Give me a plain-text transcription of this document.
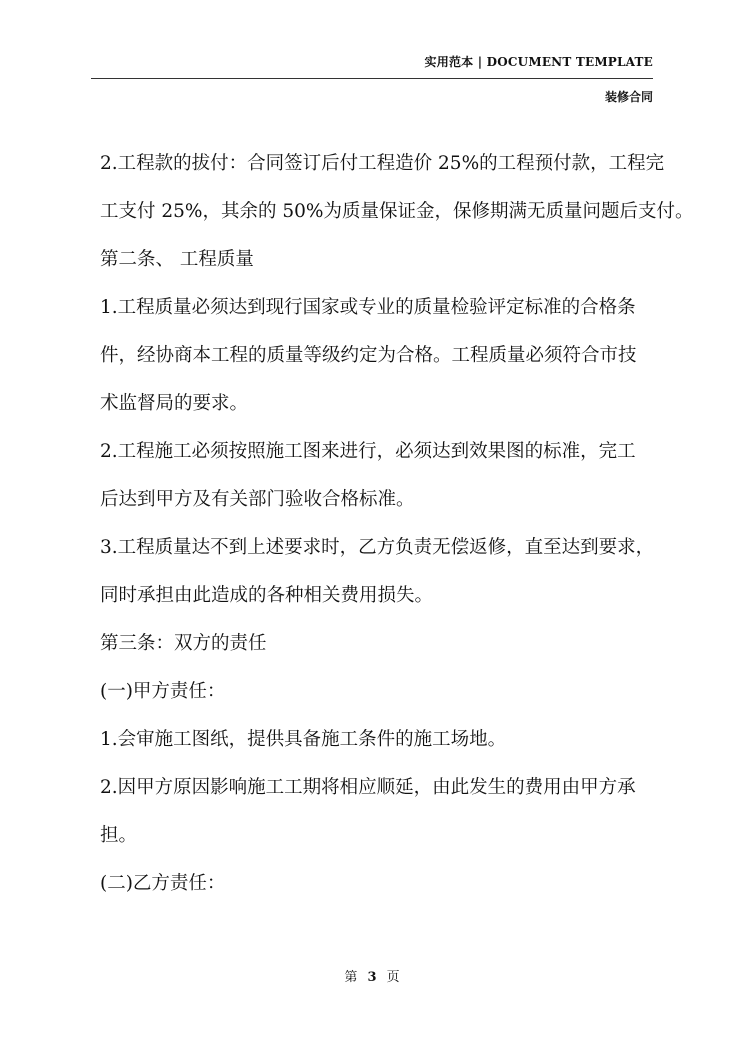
实用范本 | DOCUMENT TEMPLATE
装修合同
2.工程款的拔付：合同签订后付工程造价 25%的工程预付款，工程完
工支付 25%，其余的 50%为质量保证金，保修期满无质量问题后支付。
第二条、 工程质量
1.工程质量必须达到现行国家或专业的质量检验评定标准的合格条
件，经协商本工程的质量等级约定为合格。工程质量必须符合市技
术监督局的要求。
2.工程施工必须按照施工图来进行，必须达到效果图的标准，完工
后达到甲方及有关部门验收合格标准。
3.工程质量达不到上述要求时，乙方负责无偿返修，直至达到要求，
同时承担由此造成的各种相关费用损失。
第三条：双方的责任
(一)甲方责任：
1.会审施工图纸，提供具备施工条件的施工场地。
2.因甲方原因影响施工工期将相应顺延，由此发生的费用由甲方承
担。
(二)乙方责任：
第 3 页
